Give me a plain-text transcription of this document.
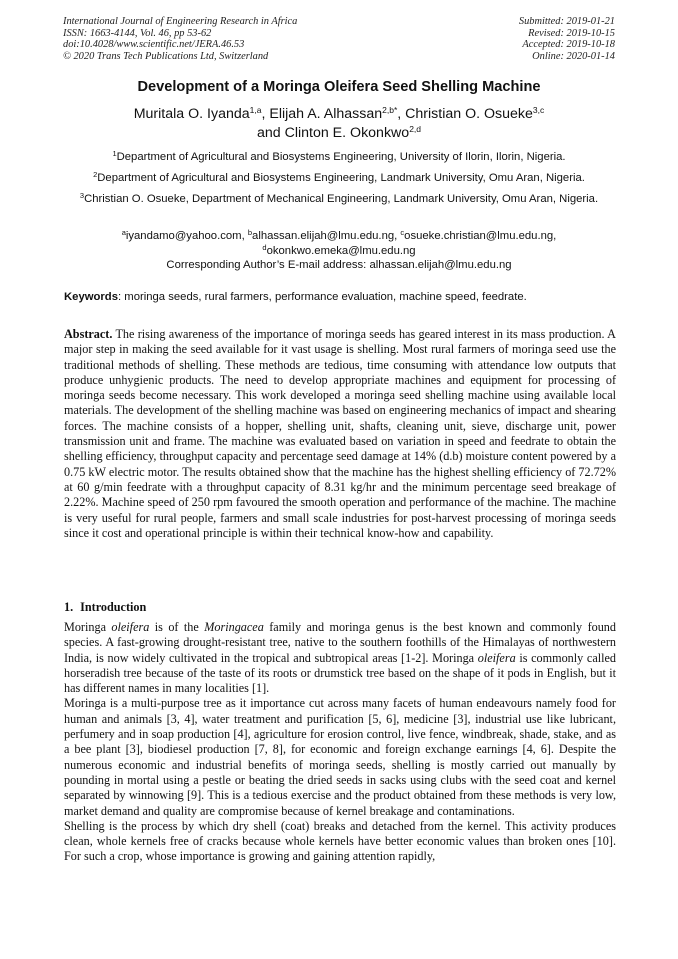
International Journal of Engineering Research in Africa
ISSN: 1663-4144, Vol. 46, pp 53-62
doi:10.4028/www.scientific.net/JERA.46.53
© 2020 Trans Tech Publications Ltd, Switzerland
Submitted: 2019-01-21
Revised: 2019-10-15
Accepted: 2019-10-18
Online: 2020-01-14
Development of a Moringa Oleifera Seed Shelling Machine
Muritala O. Iyanda$^{1,a}$, Elijah A. Alhassan$^{2,b*}$, Christian O. Osueke$^{3,c}$
and Clinton E. Okonkwo$^{2,d}$
$^1$Department of Agricultural and Biosystems Engineering, University of Ilorin, Ilorin, Nigeria.
$^2$Department of Agricultural and Biosystems Engineering, Landmark University, Omu Aran, Nigeria.
$^3$Christian O. Osueke, Department of Mechanical Engineering, Landmark University, Omu Aran, Nigeria.
$^a$iyandamo@yahoo.com, $^b$alhassan.elijah@lmu.edu.ng, $^c$osueke.christian@lmu.edu.ng,
$^d$okonkwo.emeka@lmu.edu.ng
Corresponding Author’s E-mail address: alhassan.elijah@lmu.edu.ng
Keywords: moringa seeds, rural farmers, performance evaluation, machine speed, feedrate.
Abstract. The rising awareness of the importance of moringa seeds has geared interest in its mass production. A major step in making the seed available for it vast usage is shelling. Most rural farmers of moringa seed use the traditional methods of shelling. These methods are tedious, time consuming with attendance low outputs that produce unhygienic products. The need to develop appropriate machines and equipment for processing of moringa seeds become necessary. This work developed a moringa seed shelling machine using available local materials. The development of the shelling machine was based on engineering mechanics of impact and shearing forces. The machine consists of a hopper, shelling unit, shafts, cleaning unit, sieve, discharge unit, power transmission unit and frame. The machine was evaluated based on variation in speed and feedrate to obtain the shelling efficiency, throughput capacity and percentage seed damage at 14% (d.b) moisture content powered by a 0.75 kW electric motor. The results obtained show that the machine has the highest shelling efficiency of 72.72% at 60 g/min feedrate with a throughput capacity of 8.31 kg/hr and the minimum percentage seed breakage of 2.22%. Machine speed of 250 rpm favoured the smooth operation and performance of the machine. The machine is very useful for rural people, farmers and small scale industries for post-harvest processing of moringa seeds since it cost and operational principle is within their technical know-how and capability.
1. Introduction

Moringa oleifera is of the Moringacea family and moringa genus is the best known and commonly found species. A fast-growing drought-resistant tree, native to the southern foothills of the Himalayas of northwestern India, is now widely cultivated in the tropical and subtropical areas [1-2]. Moringa oleifera is commonly called horseradish tree because of the taste of its roots or drumstick tree based on the shape of it pods in English, but it has different names in many localities [1].

Moringa is a multi-purpose tree as it importance cut across many facets of human endeavours namely food for human and animals [3, 4], water treatment and purification [5, 6], medicine [3], industrial use like lubricant, perfumery and in soap production [4], agriculture for erosion control, live fence, windbreak, shade, stake, and as a bee plant [3], biodiesel production [7, 8], for economic and foreign exchange earnings [4, 6]. Despite the numerous economic and industrial benefits of moringa seeds, shelling is mostly carried out manually by pounding in mortal using a pestle or beating the dried seeds in sacks using clubs with the seed coat and kernel separated by winnowing [9]. This is a tedious exercise and the product obtained from these methods is very low, market demand and quality are compromise because of kernel breakage and contaminations.

Shelling is the process by which dry shell (coat) breaks and detached from the kernel. This activity produces clean, whole kernels free of cracks because whole kernels have better economic values than broken ones [10]. For such a crop, whose importance is growing and gaining attention rapidly,
